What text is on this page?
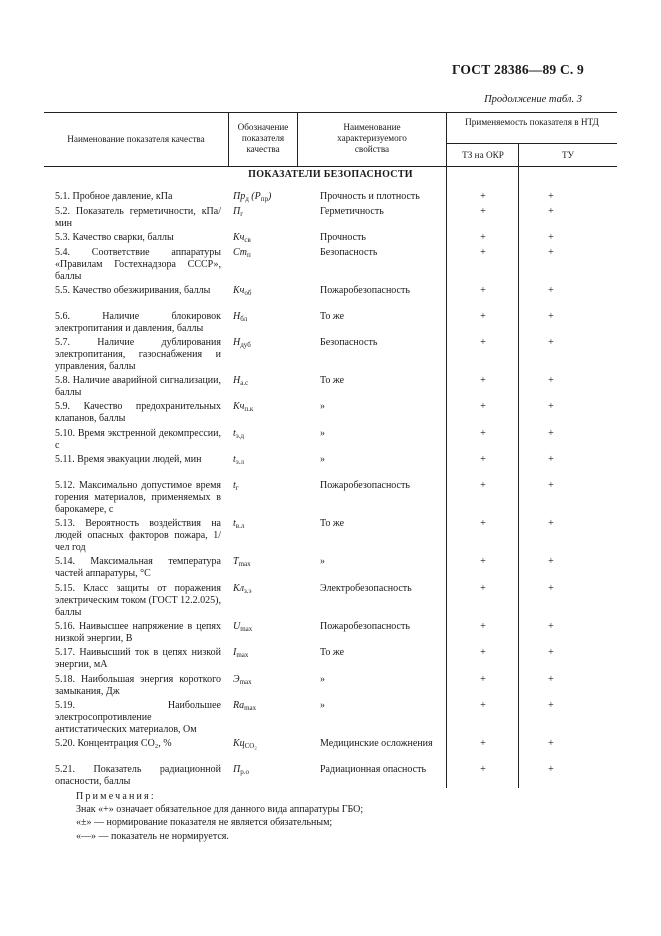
ГОСТ 28386—89 С. 9
Продолжение табл. 3
Наименование показателя качества
Обозначение показателя качества
Наименование характеризуемого свойства
Применяемость показателя в НТД
ТЗ на ОКР	ТУ
ПОКАЗАТЕЛИ БЕЗОПАСНОСТИ
5.1. Пробное давление, кПа	$Пр_д$ $(P_{пр})$	Прочность и плотность	+	+
5.2. Показатель герметичности, кПа/мин
$П_г$	Герметичность	+	+
5.3. Качество сварки, баллы	$Кч_{св}$	Прочность	+	+
5.4. Соответствие аппаратуры «Правилам Гостехнадзора СССР», баллы
$Ст_п$	Безопасность	+	+
5.5. Качество обезжиривания, баллы	$Кч_{об}$	Пожаробезопасность	+	+
5.6. Наличие блокировок электропитания и давления, баллы
$Н_{бл}$	То же	+	+
5.7. Наличие дублирования электропитания, газоснабжения и управления, баллы
$Н_{дуб}$	Безопасность	+	+
5.8. Наличие аварийной сигнализации, баллы
$Н_{а.с}$	То же	+	+
5.9. Качество предохранительных клапанов, баллы
$Кч_{п.к}$	»	+	+
5.10. Время экстренной декомпрессии, с
$t_{э.д}$	»	+	+
5.11. Время эвакуации людей, мин	$t_{э.л}$	»	+	+
5.12. Максимально допустимое время горения материалов, применяемых в барокамере, с
$t_г$	Пожаробезопасность	+	+
5.13. Вероятность воздействия на людей опасных факторов пожара, 1/чел год
$t_{в.л}$	То же	+	+
5.14. Максимальная температура частей аппаратуры, °С
$T_{max}$	»	+	+
5.15. Класс защиты от поражения электрическим током (ГОСТ 12.2.025), баллы
$Кл_{з.э}$	Электробезопасность	+	+
5.16. Наивысшее напряжение в цепях низкой энергии, В
$U_{max}$	Пожаробезопасность	+	+
5.17. Наивысший ток в цепях низкой энергии, мА
$I_{max}$	То же	+	+
5.18. Наибольшая энергия короткого замыкания, Дж
$Э_{max}$	»	+	+
5.19. Наибольшее электросопротивление антистатических материалов, Ом
$Ra_{max}$	»	+	+
5.20. Концентрация СО₂, %	$Кц_{CO_2}$	Медицинские осложнения	+	+
5.21. Показатель радиационной опасности, баллы
$П_{р.о}$	Радиационная опасность	+	+
Примечания:
Знак «+» означает обязательное для данного вида аппаратуры ГБО;
«±» — нормирование показателя не является обязательным;
«—» — показатель не нормируется.
